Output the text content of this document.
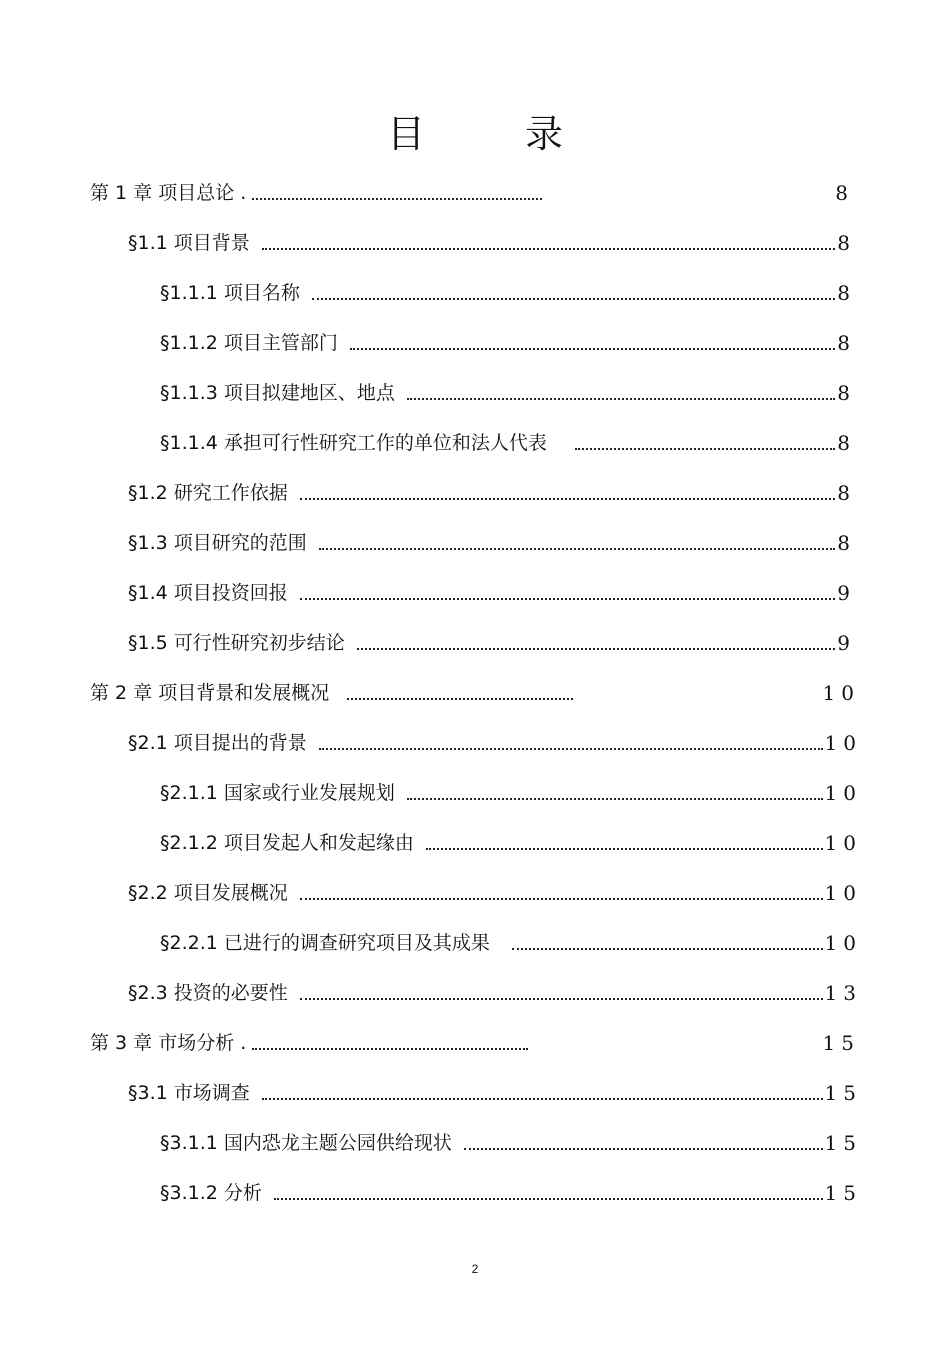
目 录
第 1 章 项目总论 .	8
§1.1 项目背景	8
§1.1.1 项目名称	8
§1.1.2 项目主管部门	8
§1.1.3 项目拟建地区、地点	8
§1.1.4 承担可行性研究工作的单位和法人代表	8
§1.2 研究工作依据	8
§1.3 项目研究的范围	8
§1.4 项目投资回报	9
§1.5 可行性研究初步结论	9
第 2 章 项目背景和发展概况	10
§2.1 项目提出的背景	10
§2.1.1 国家或行业发展规划	10
§2.1.2 项目发起人和发起缘由	10
§2.2 项目发展概况	10
§2.2.1 已进行的调查研究项目及其成果	10
§2.3 投资的必要性	13
第 3 章 市场分析 .	15
§3.1 市场调查	15
§3.1.1 国内恐龙主题公园供给现状	15
§3.1.2 分析	15
2
